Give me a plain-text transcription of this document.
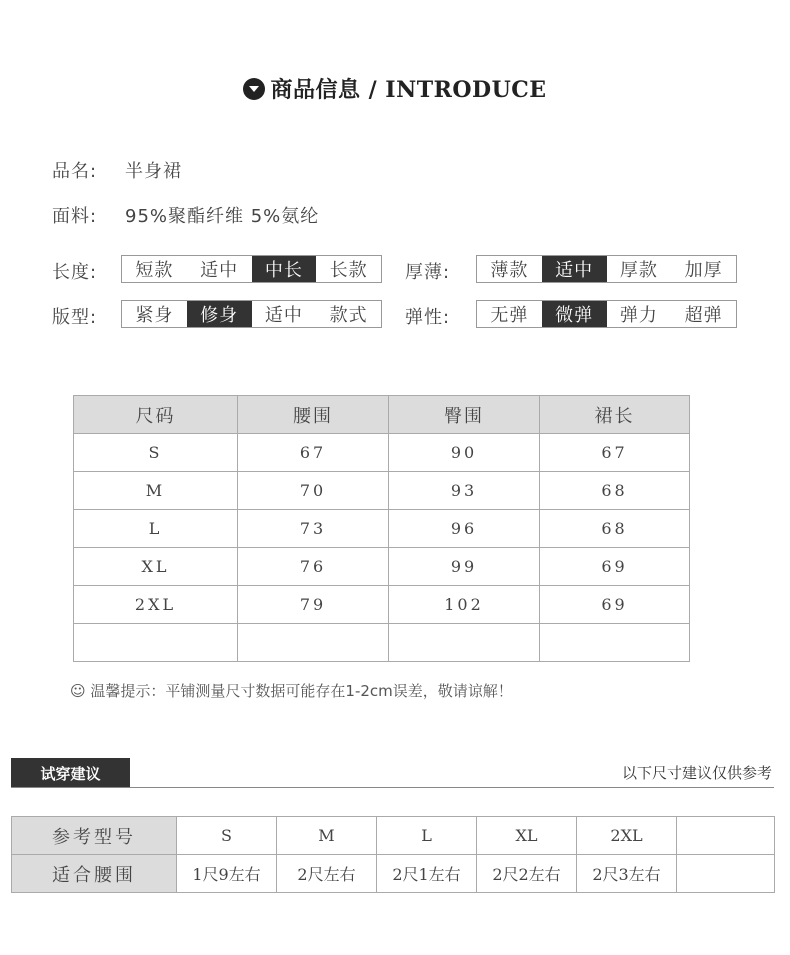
商品信息 / INTRODUCE
品名: 半身裙
面料: 95%聚酯纤维 5%氨纶
长度:	短款	适中	中长	长款	厚薄:	薄款	适中	厚款	加厚
版型:	紧身	修身	适中	款式	弹性:	无弹	微弹	弹力	超弹
尺码	腰围	臀围	裙长
S	67	90	67
M	70	93	68
L	73	96	68
XL	76	99	69
2XL	79	102	69

☺ 温馨提示：平铺测量尺寸数据可能存在1-2cm误差，敬请谅解！
试穿建议	以下尺寸建议仅供参考
参考型号	S	M	L	XL	2XL	
适合腰围	1尺9左右	2尺左右	2尺1左右	2尺2左右	2尺3左右	
